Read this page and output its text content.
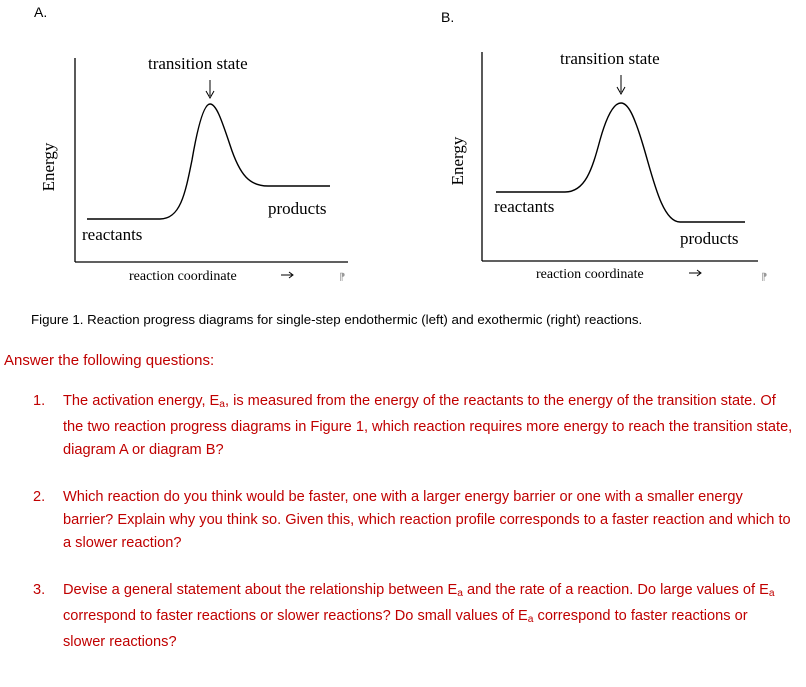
A.	B.
transition state
reactants
products
reaction coordinate
Energy
⁋
transition state
reactants
products
reaction coordinate
Energy
⁋
Figure 1. Reaction progress diagrams for single-step endothermic (left) and exothermic (right) reactions.
Answer the following questions:
1. The activation energy, Ea, is measured from the energy of the reactants to the energy of the transition state. Of the two reaction progress diagrams in Figure 1, which reaction requires more energy to reach the transition state, diagram A or diagram B?
2. Which reaction do you think would be faster, one with a larger energy barrier or one with a smaller energy barrier? Explain why you think so. Given this, which reaction profile corresponds to a faster reaction and which to a slower reaction?
3. Devise a general statement about the relationship between Ea and the rate of a reaction. Do large values of Ea correspond to faster reactions or slower reactions? Do small values of Ea correspond to faster reactions or slower reactions?
